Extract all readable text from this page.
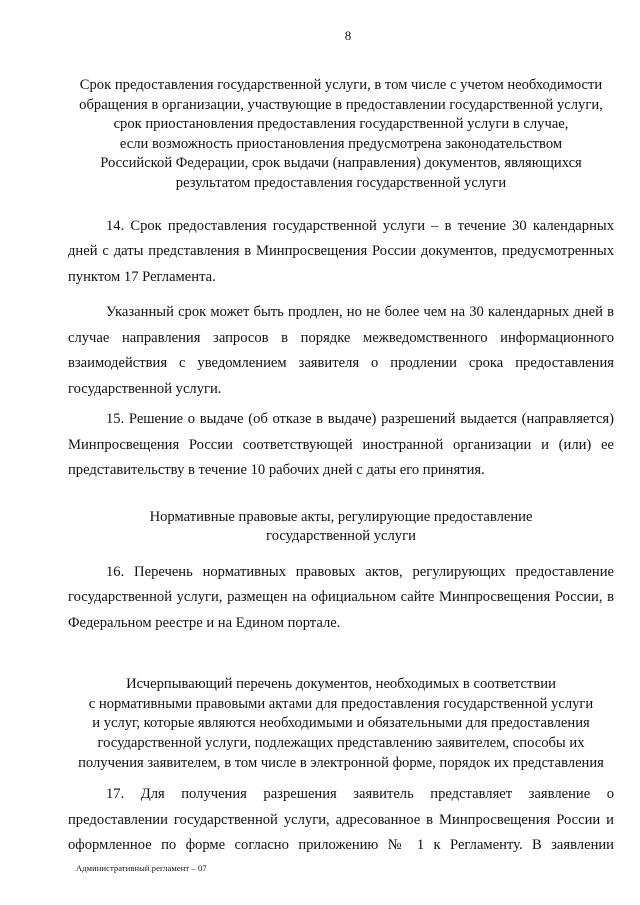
8
Срок предоставления государственной услуги, в том числе с учетом необходимости
обращения в организации, участвующие в предоставлении государственной услуги,
срок приостановления предоставления государственной услуги в случае,
если возможность приостановления предусмотрена законодательством
Российской Федерации, срок выдачи (направления) документов, являющихся
результатом предоставления государственной услуги

14. Срок предоставления государственной услуги – в течение 30 календарных дней с даты представления в Минпросвещения России документов, предусмотренных пунктом 17 Регламента.

Указанный срок может быть продлен, но не более чем на 30 календарных дней в случае направления запросов в порядке межведомственного информационного взаимодействия с уведомлением заявителя о продлении срока предоставления государственной услуги.

15. Решение о выдаче (об отказе в выдаче) разрешений выдается (направляется) Минпросвещения России соответствующей иностранной организации и (или) ее представительству в течение 10 рабочих дней с даты его принятия.

Нормативные правовые акты, регулирующие предоставление
государственной услуги

16. Перечень нормативных правовых актов, регулирующих предоставление государственной услуги, размещен на официальном сайте Минпросвещения России, в Федеральном реестре и на Едином портале.

Исчерпывающий перечень документов, необходимых в соответствии
с нормативными правовыми актами для предоставления государственной услуги
и услуг, которые являются необходимыми и обязательными для предоставления
государственной услуги, подлежащих представлению заявителем, способы их
получения заявителем, в том числе в электронной форме, порядок их представления

17. Для получения разрешения заявитель представляет заявление о предоставлении государственной услуги, адресованное в Минпросвещения России и оформленное по форме согласно приложению № 1 к Регламенту. В заявлении

Административный регламент – 07
